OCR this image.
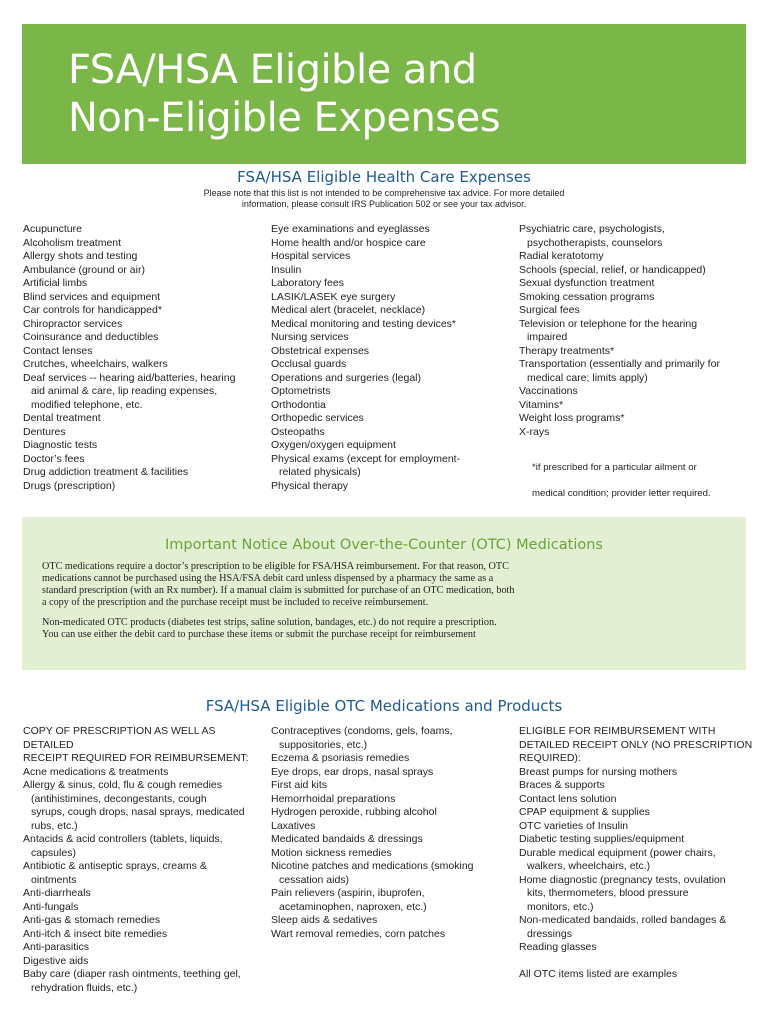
FSA/HSA Eligible and
Non-Eligible Expenses
FSA/HSA Eligible Health Care Expenses
Please note that this list is not intended to be comprehensive tax advice. For more detailed
information, please consult IRS Publication 502 or see your tax advisor.
Acupuncture
Alcoholism treatment
Allergy shots and testing
Ambulance (ground or air)
Artificial limbs
Blind services and equipment
Car controls for handicapped*
Chiropractor services
Coinsurance and deductibles
Contact lenses
Crutches, wheelchairs, walkers
Deaf services -- hearing aid/batteries, hearing
aid animal & care, lip reading expenses,
modified telephone, etc.
Dental treatment
Dentures
Diagnostic tests
Doctor’s fees
Drug addiction treatment & facilities
Drugs (prescription)
Eye examinations and eyeglasses
Home health and/or hospice care
Hospital services
Insulin
Laboratory fees
LASIK/LASEK eye surgery
Medical alert (bracelet, necklace)
Medical monitoring and testing devices*
Nursing services
Obstetrical expenses
Occlusal guards
Operations and surgeries (legal)
Optometrists
Orthodontia
Orthopedic services
Osteopaths
Oxygen/oxygen equipment
Physical exams (except for employment-
related physicals)
Physical therapy
Psychiatric care, psychologists,
psychotherapists, counselors
Radial keratotomy
Schools (special, relief, or handicapped)
Sexual dysfunction treatment
Smoking cessation programs
Surgical fees
Television or telephone for the hearing
impaired
Therapy treatments*
Transportation (essentially and primarily for
medical care; limits apply)
Vaccinations
Vitamins*
Weight loss programs*
X-rays

*if prescribed for a particular ailment or

medical condition; provider letter required.

Important Notice About Over-the-Counter (OTC) Medications

OTC medications require a doctor’s prescription to be eligible for FSA/HSA reimbursement. For that reason, OTC
medications cannot be purchased using the HSA/FSA debit card unless dispensed by a pharmacy the same as a
standard prescription (with an Rx number). If a manual claim is submitted for purchase of an OTC medication, both
a copy of the prescription and the purchase receipt must be included to receive reimbursement.

Non-medicated OTC products (diabetes test strips, saline solution, bandages, etc.) do not require a prescription.
You can use either the debit card to purchase these items or submit the purchase receipt for reimbursement

FSA/HSA Eligible OTC Medications and Products
COPY OF PRESCRIPTION AS WELL AS DETAILED
RECEIPT REQUIRED FOR REIMBURSEMENT:
Acne medications & treatments
Allergy & sinus, cold, flu & cough remedies
(antihistimines, decongestants, cough
syrups, cough drops, nasal sprays, medicated
rubs, etc.)
Antacids & acid controllers (tablets, liquids,
capsules)
Antibiotic & antiseptic sprays, creams &
ointments
Anti-diarrheals
Anti-fungals
Anti-gas & stomach remedies
Anti-itch & insect bite remedies
Anti-parasitics
Digestive aids
Baby care (diaper rash ointments, teething gel,
rehydration fluids, etc.)
Contraceptives (condoms, gels, foams,
suppositories, etc.)
Eczema & psoriasis remedies
Eye drops, ear drops, nasal sprays
First aid kits
Hemorrhoidal preparations
Hydrogen peroxide, rubbing alcohol
Laxatives
Medicated bandaids & dressings
Motion sickness remedies
Nicotine patches and medications (smoking
cessation aids)
Pain relievers (aspirin, ibuprofen,
acetaminophen, naproxen, etc.)
Sleep aids & sedatives
Wart removal remedies, corn patches
ELIGIBLE FOR REIMBURSEMENT WITH
DETAILED RECEIPT ONLY (NO PRESCRIPTION
REQUIRED):
Breast pumps for nursing mothers
Braces & supports
Contact lens solution
CPAP equipment & supplies
OTC varieties of Insulin
Diabetic testing supplies/equipment
Durable medical equipment (power chairs,
walkers, wheelchairs, etc.)
Home diagnostic (pregnancy tests, ovulation
kits, thermometers, blood pressure
monitors, etc.)
Non-medicated bandaids, rolled bandages &
dressings
Reading glasses

All OTC items listed are examples
